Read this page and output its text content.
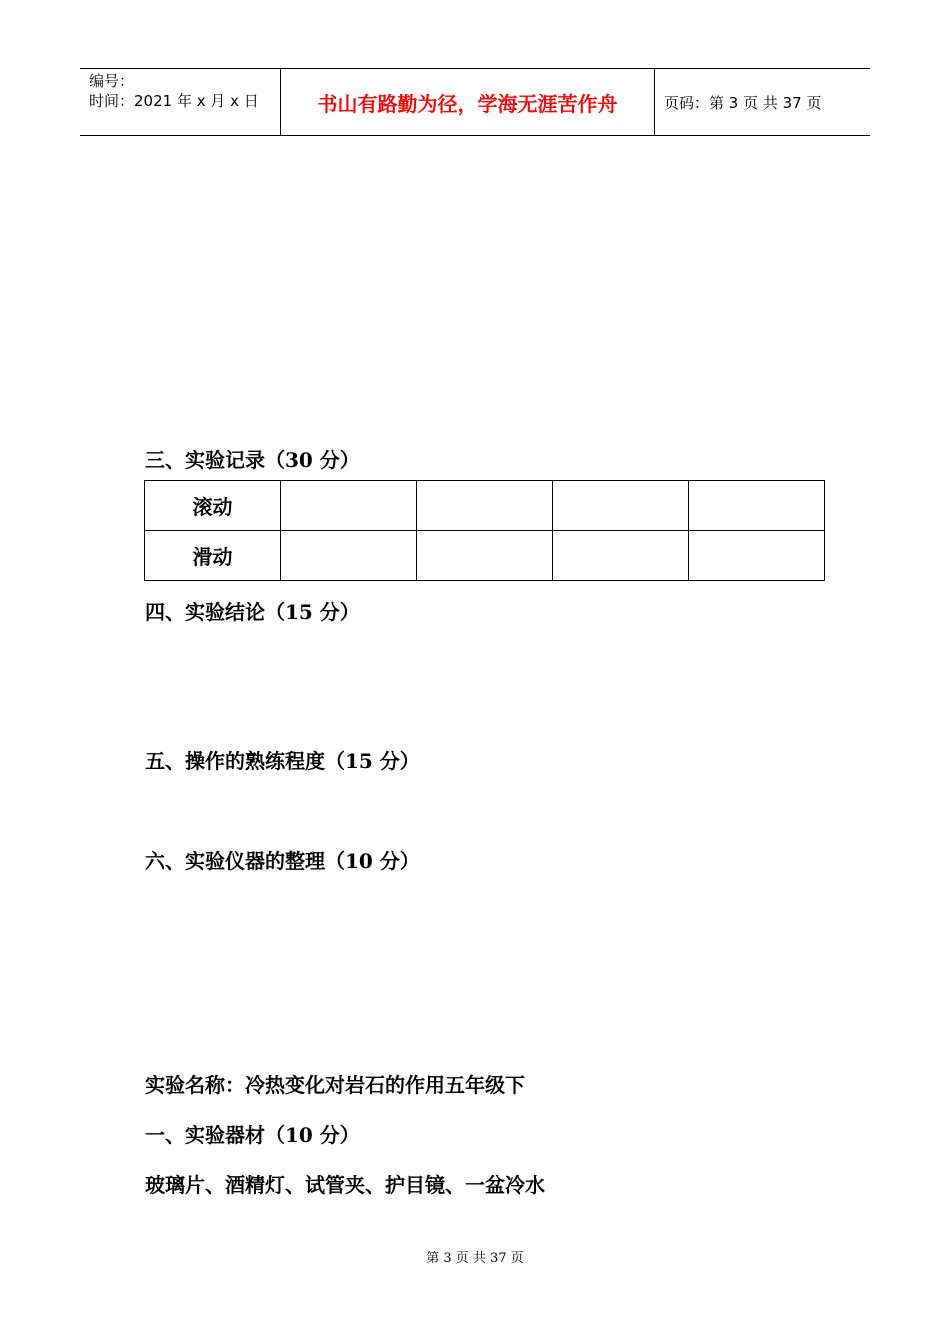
编号：
时间：2021 年 x 月 x 日	书山有路勤为径，学海无涯苦作舟	页码：第 3 页 共 37 页
三、实验记录（30 分）
滚动				
滑动				
四、实验结论（15 分）
五、操作的熟练程度（15 分）
六、实验仪器的整理（10 分）
实验名称：冷热变化对岩石的作用五年级下
一、实验器材（10 分）
玻璃片、酒精灯、试管夹、护目镜、一盆冷水
第 3 页 共 37 页
